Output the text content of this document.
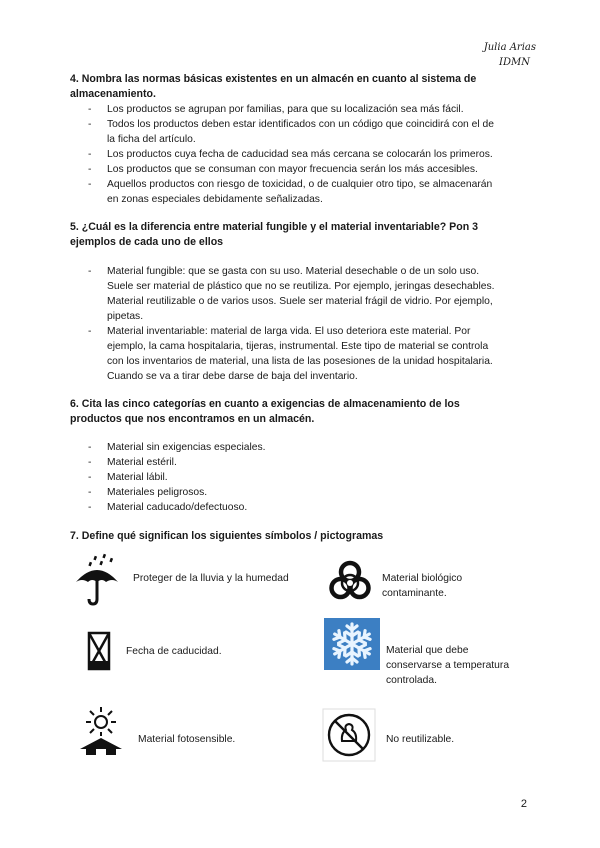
Julia Arias
IDMN
4. Nombra las normas básicas existentes en un almacén en cuanto al sistema de
almacenamiento.
- Los productos se agrupan por familias, para que su localización sea más fácil.
- Todos los productos deben estar identificados con un código que coincidirá con el de
la ficha del artículo.
- Los productos cuya fecha de caducidad sea más cercana se colocarán los primeros.
- Los productos que se consuman con mayor frecuencia serán los más accesibles.
- Aquellos productos con riesgo de toxicidad, o de cualquier otro tipo, se almacenarán
en zonas especiales debidamente señalizadas.
5. ¿Cuál es la diferencia entre material fungible y el material inventariable? Pon 3
ejemplos de cada uno de ellos
- Material fungible: que se gasta con su uso. Material desechable o de un solo uso.
Suele ser material de plástico que no se reutiliza. Por ejemplo, jeringas desechables.
Material reutilizable o de varios usos. Suele ser material frágil de vidrio. Por ejemplo,
pipetas.
- Material inventariable: material de larga vida. El uso deteriora este material. Por
ejemplo, la cama hospitalaria, tijeras, instrumental. Este tipo de material se controla
con los inventarios de material, una lista de las posesiones de la unidad hospitalaria.
Cuando se va a tirar debe darse de baja del inventario.
6. Cita las cinco categorías en cuanto a exigencias de almacenamiento de los
productos que nos encontramos en un almacén.
- Material sin exigencias especiales.
- Material estéril.
- Material lábil.
- Materiales peligrosos.
- Material caducado/defectuoso.
7. Define qué significan los siguientes símbolos / pictogramas
Proteger de la lluvia y la humedad	Material biológico
contaminante.
Fecha de caducidad.	Material que debe
conservarse a temperatura
controlada.
Material fotosensible.	No reutilizable.
2
